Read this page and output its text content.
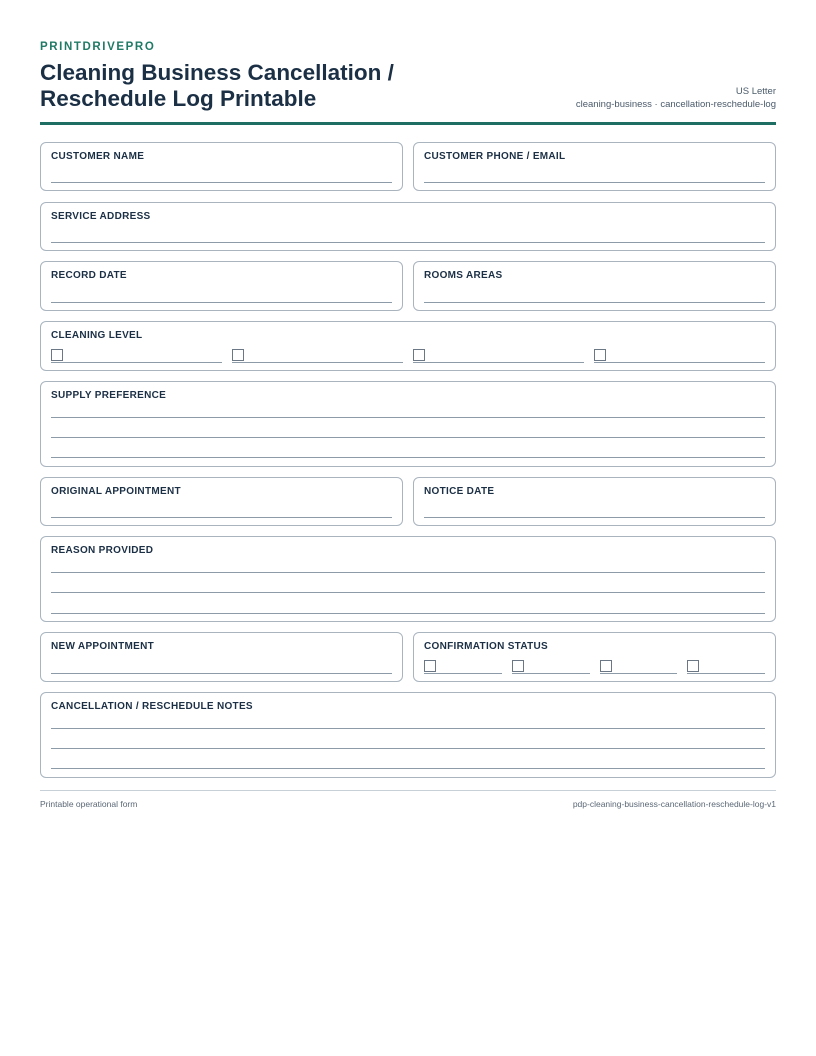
PRINTDRIVEPRO
Cleaning Business Cancellation / Reschedule Log Printable	US Letter
cleaning-business · cancellation-reschedule-log
CUSTOMER NAME	CUSTOMER PHONE / EMAIL
SERVICE ADDRESS
RECORD DATE	ROOMS AREAS
CLEANING LEVEL
SUPPLY PREFERENCE
ORIGINAL APPOINTMENT	NOTICE DATE
REASON PROVIDED
NEW APPOINTMENT	CONFIRMATION STATUS
CANCELLATION / RESCHEDULE NOTES
Printable operational form	pdp-cleaning-business-cancellation-reschedule-log-v1
